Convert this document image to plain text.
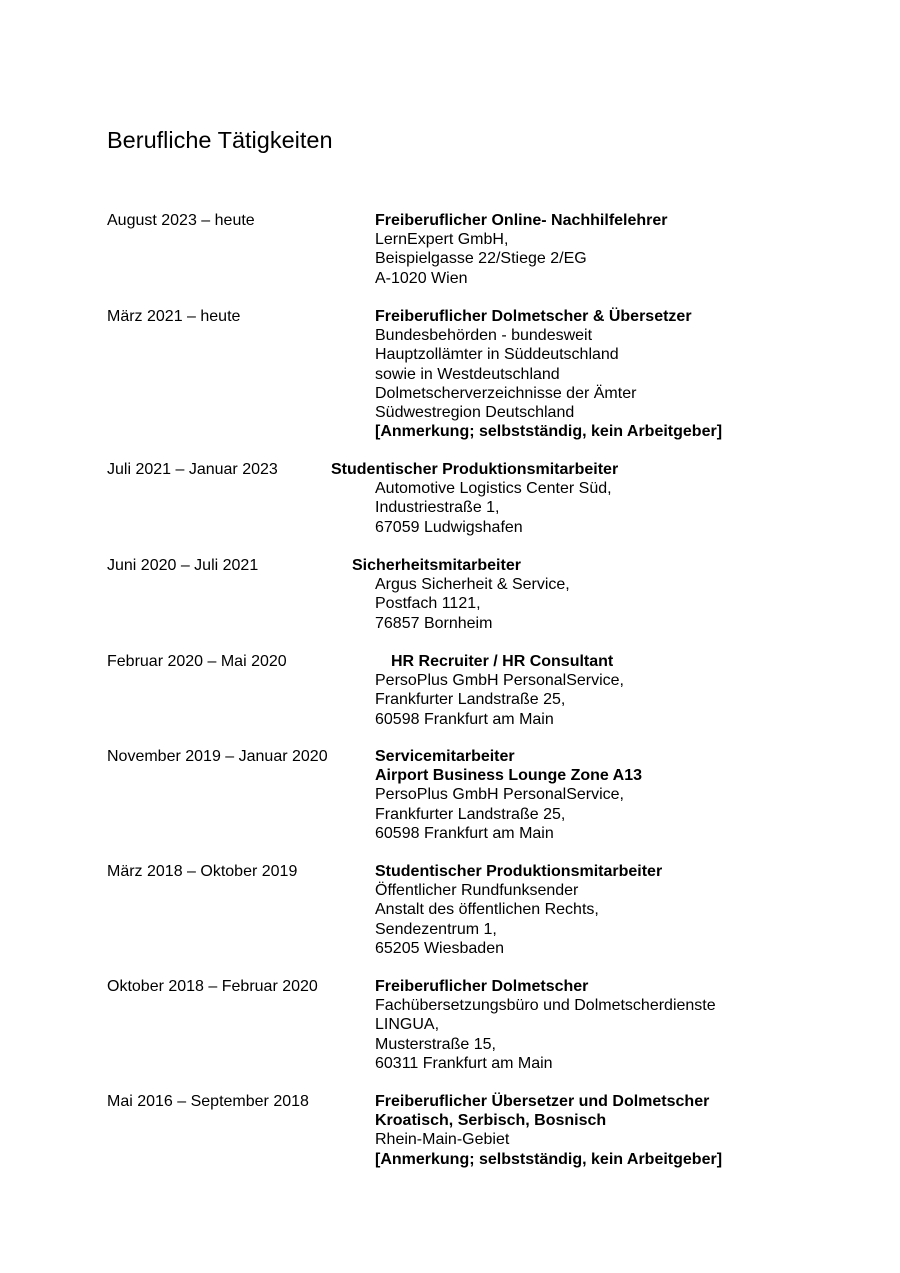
Berufliche Tätigkeiten
August 2023 – heute	Freiberuflicher Online- Nachhilfelehrer
LernExpert GmbH,
Beispielgasse 22/Stiege 2/EG
A-1020 Wien
März 2021 – heute	Freiberuflicher Dolmetscher & Übersetzer
Bundesbehörden - bundesweit
Hauptzollämter in Süddeutschland
sowie in Westdeutschland
Dolmetscherverzeichnisse der Ämter
Südwestregion Deutschland
[Anmerkung; selbstständig, kein Arbeitgeber]
Juli 2021 – Januar 2023	Studentischer Produktionsmitarbeiter
Automotive Logistics Center Süd,
Industriestraße 1,
67059 Ludwigshafen
Juni 2020 – Juli 2021	Sicherheitsmitarbeiter
Argus Sicherheit & Service,
Postfach 1121,
76857 Bornheim
Februar 2020 – Mai 2020	HR Recruiter / HR Consultant
PersoPlus GmbH PersonalService,
Frankfurter Landstraße 25,
60598 Frankfurt am Main
November 2019 – Januar 2020	Servicemitarbeiter
Airport Business Lounge Zone A13
PersoPlus GmbH PersonalService,
Frankfurter Landstraße 25,
60598 Frankfurt am Main
März 2018 – Oktober 2019	Studentischer Produktionsmitarbeiter
Öffentlicher Rundfunksender
Anstalt des öffentlichen Rechts,
Sendezentrum 1,
65205 Wiesbaden
Oktober 2018 – Februar 2020	Freiberuflicher Dolmetscher
Fachübersetzungsbüro und Dolmetscherdienste
LINGUA,
Musterstraße 15,
60311 Frankfurt am Main
Mai 2016 – September 2018	Freiberuflicher Übersetzer und Dolmetscher
Kroatisch, Serbisch, Bosnisch
Rhein-Main-Gebiet
[Anmerkung; selbstständig, kein Arbeitgeber]
